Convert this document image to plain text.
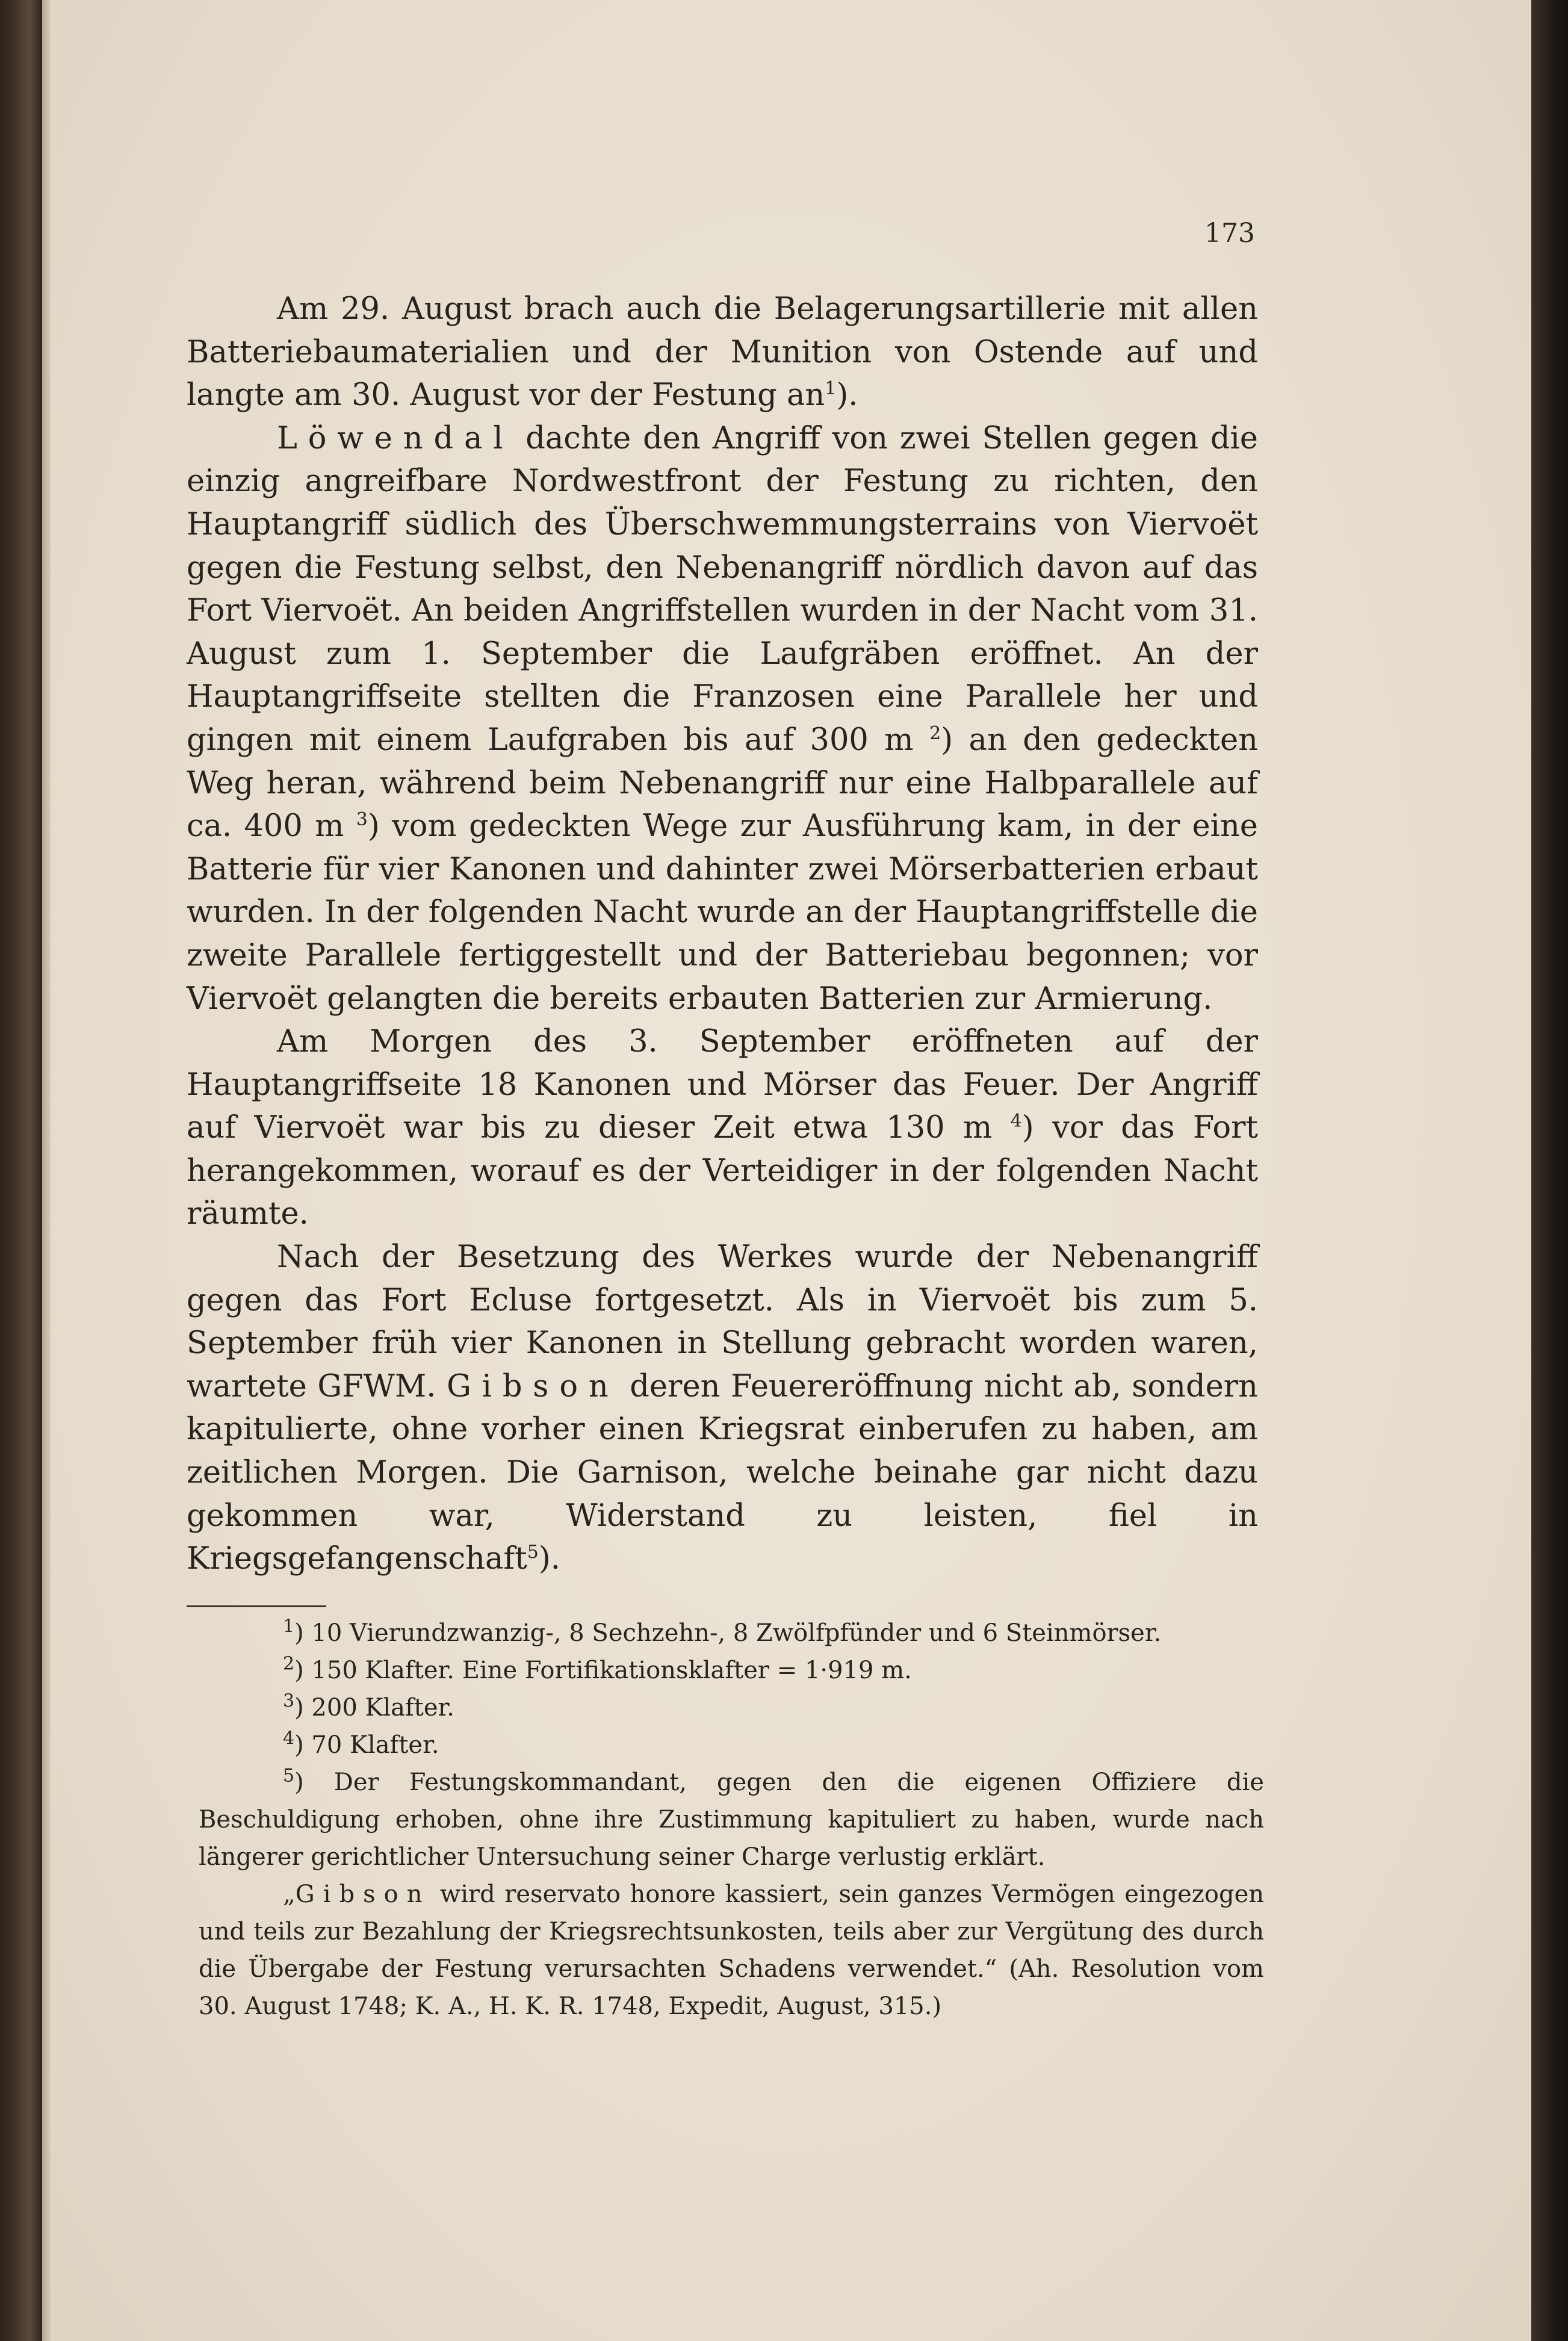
173

Am 29. August brach auch die Belagerungsartillerie mit allen Batteriebaumaterialien und der Munition von Ostende auf und langte am 30. August vor der Festung an$^1$).

Löwendal dachte den Angriff von zwei Stellen gegen die einzig angreifbare Nordwestfront der Festung zu richten, den Hauptangriff südlich des Überschwemmungsterrains von Viervoët gegen die Festung selbst, den Nebenangriff nördlich davon auf das Fort Viervoët. An beiden Angriffstellen wurden in der Nacht vom 31. August zum 1. September die Laufgräben eröffnet. An der Hauptangriffseite stellten die Franzosen eine Parallele her und gingen mit einem Laufgraben bis auf 300 m $^2$) an den gedeckten Weg heran, während beim Nebenangriff nur eine Halbparallele auf ca. 400 m $^3$) vom gedeckten Wege zur Ausführung kam, in der eine Batterie für vier Kanonen und dahinter zwei Mörserbatterien erbaut wurden. In der folgenden Nacht wurde an der Hauptangriffstelle die zweite Parallele fertiggestellt und der Batteriebau begonnen; vor Viervoët gelangten die bereits erbauten Batterien zur Armierung.

Am Morgen des 3. September eröffneten auf der Hauptangriffseite 18 Kanonen und Mörser das Feuer. Der Angriff auf Viervoët war bis zu dieser Zeit etwa 130 m $^4$) vor das Fort herangekommen, worauf es der Verteidiger in der folgenden Nacht räumte.

Nach der Besetzung des Werkes wurde der Nebenangriff gegen das Fort Ecluse fortgesetzt. Als in Viervoët bis zum 5. September früh vier Kanonen in Stellung gebracht worden waren, wartete GFWM. Gibson deren Feuereröffnung nicht ab, sondern kapitulierte, ohne vorher einen Kriegsrat einberufen zu haben, am zeitlichen Morgen. Die Garnison, welche beinahe gar nicht dazu gekommen war, Widerstand zu leisten, fiel in Kriegsgefangenschaft$^5$).

$^1$) 10 Vierundzwanzig-, 8 Sechzehn-, 8 Zwölfpfünder und 6 Steinmörser.

$^2$) 150 Klafter. Eine Fortifikationsklafter = 1·919 m.

$^3$) 200 Klafter.

$^4$) 70 Klafter.

$^5$) Der Festungskommandant, gegen den die eigenen Offiziere die Beschuldigung erhoben, ohne ihre Zustimmung kapituliert zu haben, wurde nach längerer gerichtlicher Untersuchung seiner Charge verlustig erklärt.

„Gibson wird reservato honore kassiert, sein ganzes Vermögen eingezogen und teils zur Bezahlung der Kriegsrechtsunkosten, teils aber zur Vergütung des durch die Übergabe der Festung verursachten Schadens verwendet.“ (Ah. Resolution vom 30. August 1748; K. A., H. K. R. 1748, Expedit, August, 315.)
